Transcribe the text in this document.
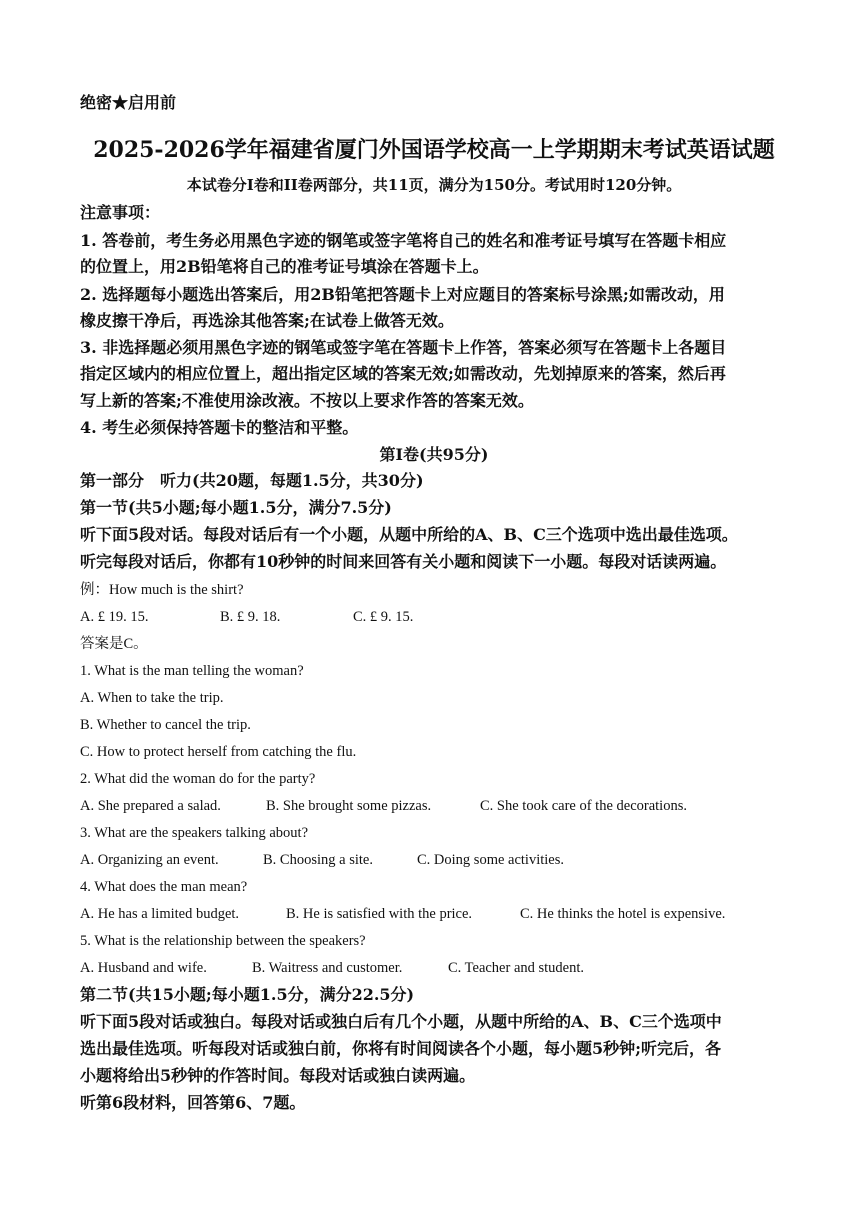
绝密★启用前
2025-2026学年福建省厦门外国语学校高一上学期期末考试英语试题
本试卷分I卷和II卷两部分，共11页，满分为150分。考试用时120分钟。
注意事项：
1. 答卷前，考生务必用黑色字迹的钢笔或签字笔将自己的姓名和准考证号填写在答题卡相应
的位置上，用2B铅笔将自己的准考证号填涂在答题卡上。
2. 选择题每小题选出答案后，用2B铅笔把答题卡上对应题目的答案标号涂黑;如需改动，用
橡皮擦干净后，再选涂其他答案;在试卷上做答无效。
3. 非选择题必须用黑色字迹的钢笔或签字笔在答题卡上作答，答案必须写在答题卡上各题目
指定区域内的相应位置上，超出指定区域的答案无效;如需改动，先划掉原来的答案，然后再
写上新的答案;不准使用涂改液。不按以上要求作答的答案无效。
4. 考生必须保持答题卡的整洁和平整。
第I卷(共95分)
第一部分　听力(共20题，每题1.5分，共30分)
第一节(共5小题;每小题1.5分，满分7.5分)
听下面5段对话。每段对话后有一个小题，从题中所给的A、B、C三个选项中选出最佳选项。
听完每段对话后，你都有10秒钟的时间来回答有关小题和阅读下一小题。每段对话读两遍。
例：How much is the shirt?
A. £ 19. 15.	B. £ 9. 18.	C. £ 9. 15.
答案是C。
1. What is the man telling the woman?
A. When to take the trip.
B. Whether to cancel the trip.
C. How to protect herself from catching the flu.
2. What did the woman do for the party?
A. She prepared a salad.	B. She brought some pizzas.	C. She took care of the decorations.
3. What are the speakers talking about?
A. Organizing an event.	B. Choosing a site.	C. Doing some activities.
4. What does the man mean?
A. He has a limited budget.	B. He is satisfied with the price.	C. He thinks the hotel is expensive.
5. What is the relationship between the speakers?
A. Husband and wife.	B. Waitress and customer.	C. Teacher and student.
第二节(共15小题;每小题1.5分，满分22.5分)
听下面5段对话或独白。每段对话或独白后有几个小题，从题中所给的A、B、C三个选项中
选出最佳选项。听每段对话或独白前，你将有时间阅读各个小题，每小题5秒钟;听完后，各
小题将给出5秒钟的作答时间。每段对话或独白读两遍。
听第6段材料，回答第6、7题。
